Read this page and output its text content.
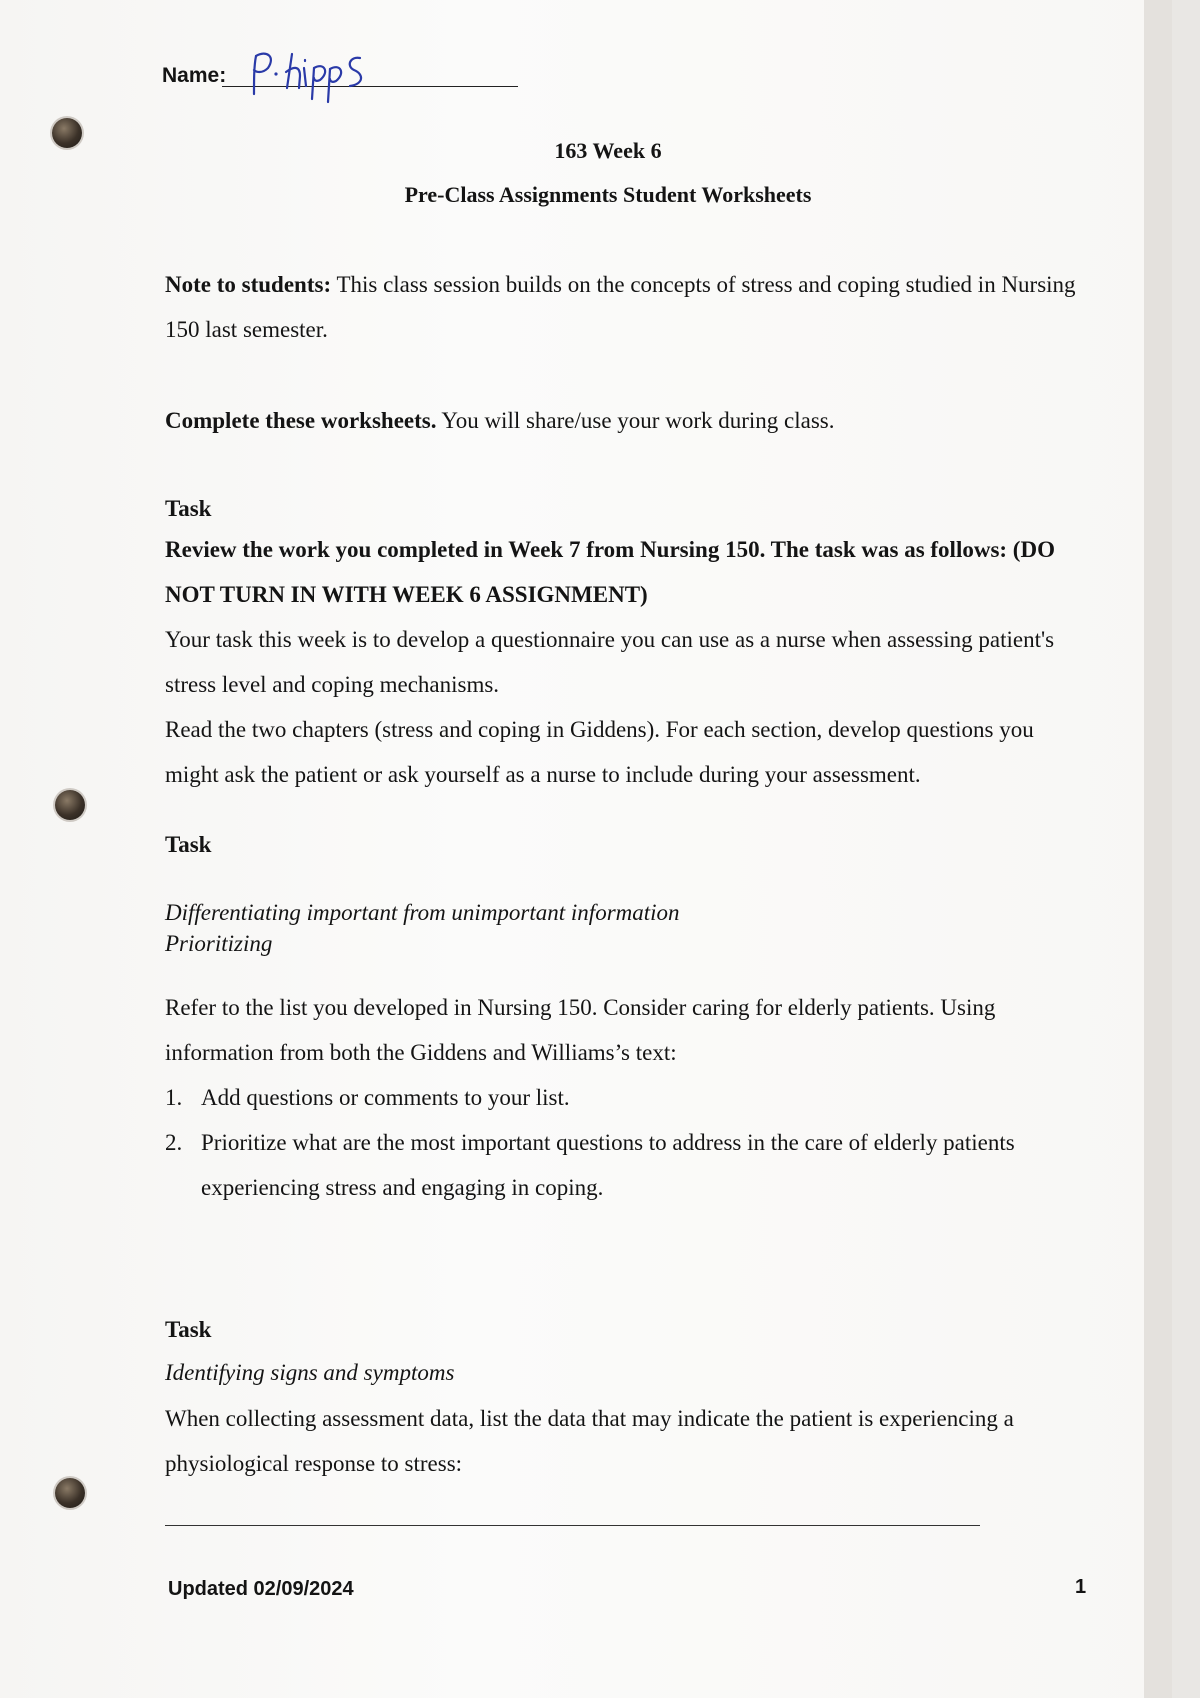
Name:
163 Week 6
Pre-Class Assignments Student Worksheets
Note to students: This class session builds on the concepts of stress and coping studied in Nursing 150 last semester.
Complete these worksheets. You will share/use your work during class.
Task
Review the work you completed in Week 7 from Nursing 150. The task was as follows: (DO NOT TURN IN WITH WEEK 6 ASSIGNMENT)
Your task this week is to develop a questionnaire you can use as a nurse when assessing patient's stress level and coping mechanisms.
Read the two chapters (stress and coping in Giddens). For each section, develop questions you might ask the patient or ask yourself as a nurse to include during your assessment.
Task
Differentiating important from unimportant information
Prioritizing
Refer to the list you developed in Nursing 150. Consider caring for elderly patients. Using information from both the Giddens and Williams’s text:
1. Add questions or comments to your list.
2. Prioritize what are the most important questions to address in the care of elderly patients experiencing stress and engaging in coping.
Task
Identifying signs and symptoms
When collecting assessment data, list the data that may indicate the patient is experiencing a physiological response to stress:
Updated 02/09/2024	1
